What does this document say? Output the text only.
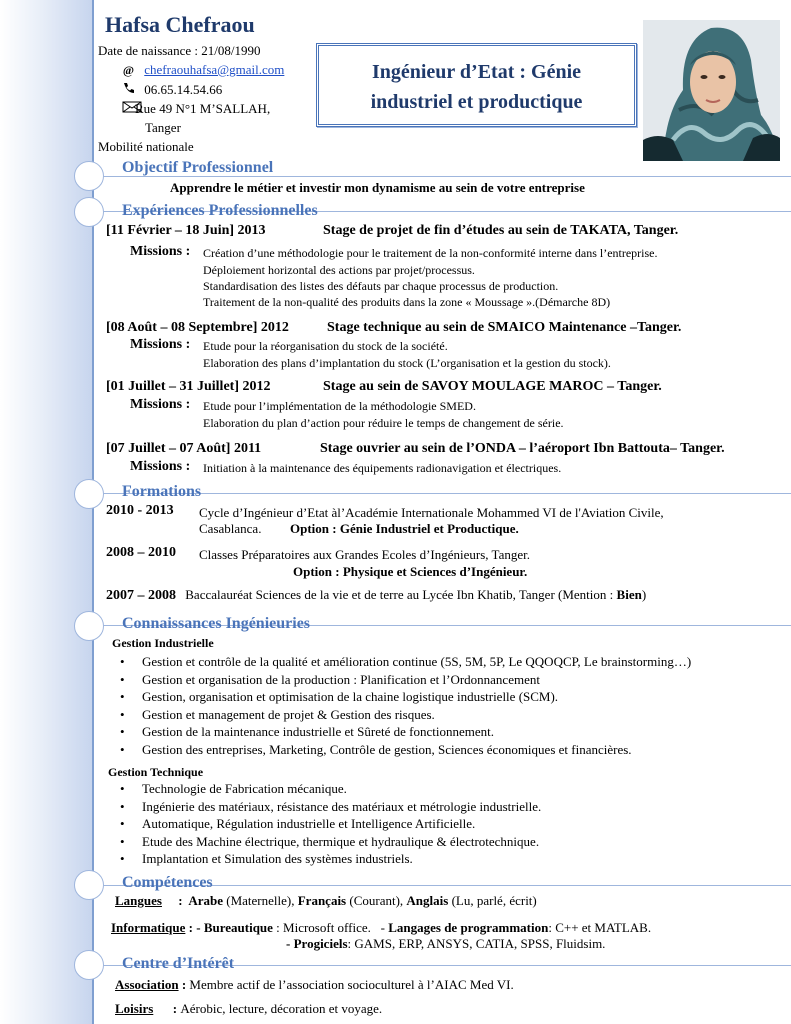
Hafsa Chefraou
Date de naissance : 21/08/1990
@ chefraouhafsa@gmail.com
06.65.14.54.66
Rue 49 N°1 M’SALLAH,
Tanger
Mobilité nationale
Ingénieur d’Etat : Génie
industriel et productique
Objectif Professionnel
Apprendre le métier et investir mon dynamisme au sein de votre entreprise
Expériences Professionnelles
[11 Février – 18 Juin] 2013	Stage de projet de fin d’études au sein de TAKATA, Tanger.
Missions : Création d’une méthodologie pour le traitement de la non-conformité interne dans l’entreprise.
Déploiement horizontal des actions par projet/processus.
Standardisation des listes des défauts par chaque processus de production.
Traitement de la non-qualité des produits dans la zone « Moussage ».(Démarche 8D)
[08 Août – 08 Septembre] 2012	Stage technique au sein de SMAICO Maintenance –Tanger.
Missions : Etude pour la réorganisation du stock de la société.
Elaboration des plans d’implantation du stock (L’organisation et la gestion du stock).
[01 Juillet – 31 Juillet] 2012	Stage au sein de SAVOY MOULAGE MAROC – Tanger.
Missions : Etude pour l’implémentation de la méthodologie SMED.
Elaboration du plan d’action pour réduire le temps de changement de série.
[07 Juillet – 07 Août] 2011	Stage ouvrier au sein de l’ONDA – l’aéroport Ibn Battouta– Tanger.
Missions : Initiation à la maintenance des équipements radionavigation et électriques.
Formations
2010 - 2013 Cycle d’Ingénieur d’Etat àl’Académie Internationale Mohammed VI de l'Aviation Civile,
Casablanca. Option : Génie Industriel et Productique.
2008 – 2010 Classes Préparatoires aux Grandes Ecoles d’Ingénieurs, Tanger.
Option : Physique et Sciences d’Ingénieur.
2007 – 2008 Baccalauréat Sciences de la vie et de terre au Lycée Ibn Khatib, Tanger (Mention : Bien)
Connaissances Ingénieuries
Gestion Industrielle
• Gestion et contrôle de la qualité et amélioration continue (5S, 5M, 5P, Le QQOQCP, Le brainstorming…)
• Gestion et organisation de la production : Planification et l’Ordonnancement
• Gestion, organisation et optimisation de la chaine logistique industrielle (SCM).
• Gestion et management de projet & Gestion des risques.
• Gestion de la maintenance industrielle et Sûreté de fonctionnement.
• Gestion des entreprises, Marketing, Contrôle de gestion, Sciences économiques et financières.
Gestion Technique
• Technologie de Fabrication mécanique.
• Ingénierie des matériaux, résistance des matériaux et métrologie industrielle.
• Automatique, Régulation industrielle et Intelligence Artificielle.
• Etude des Machine électrique, thermique et hydraulique & électrotechnique.
• Implantation et Simulation des systèmes industriels.
Compétences
Langues     :  Arabe (Maternelle), Français (Courant), Anglais (Lu, parlé, écrit)
Informatique : - Bureautique : Microsoft office.   - Langages de programmation: C++ et MATLAB.
- Progiciels: GAMS, ERP, ANSYS, CATIA, SPSS, Fluidsim.
Centre d’Intérêt
Association : Membre actif de l’association socioculturel à l’AIAC Med VI.
Loisirs      : Aérobic, lecture, décoration et voyage.
